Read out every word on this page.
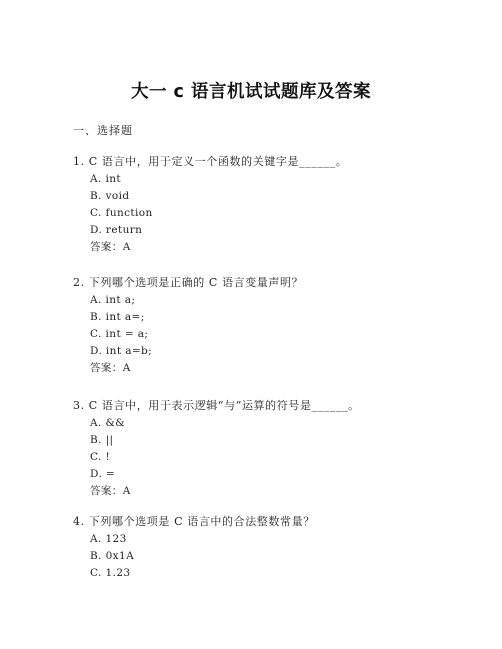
大一 c 语言机试试题库及答案
一、选择题
1. C 语言中，用于定义一个函数的关键字是______。
A. int
B. void
C. function
D. return
答案：A
2. 下列哪个选项是正确的 C 语言变量声明？
A. int a;
B. int a=;
C. int = a;
D. int a=b;
答案：A
3. C 语言中，用于表示逻辑“与”运算的符号是______。
A. &&
B. ||
C. !
D. =
答案：A
4. 下列哪个选项是 C 语言中的合法整数常量？
A. 123
B. 0x1A
C. 1.23
